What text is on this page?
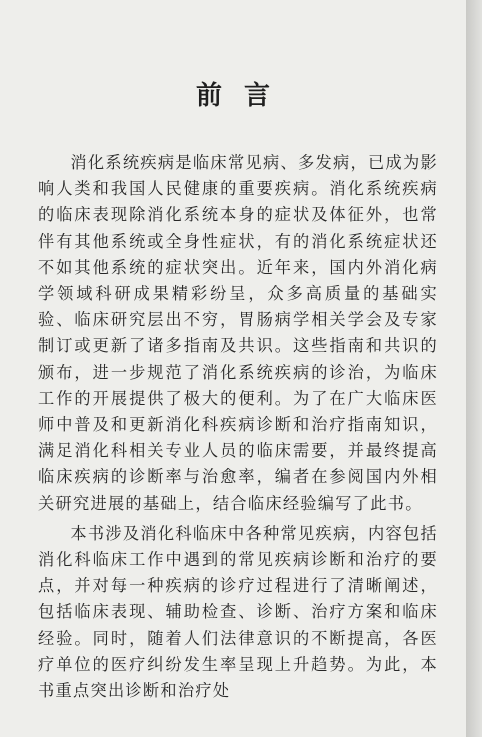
前言

消化系统疾病是临床常见病、多发病，已成为影响人类和我国人民健康的重要疾病。消化系统疾病的临床表现除消化系统本身的症状及体征外，也常伴有其他系统或全身性症状，有的消化系统症状还不如其他系统的症状突出。近年来，国内外消化病学领域科研成果精彩纷呈，众多高质量的基础实验、临床研究层出不穷，胃肠病学相关学会及专家制订或更新了诸多指南及共识。这些指南和共识的颁布，进一步规范了消化系统疾病的诊治，为临床工作的开展提供了极大的便利。为了在广大临床医师中普及和更新消化科疾病诊断和治疗指南知识，满足消化科相关专业人员的临床需要，并最终提高临床疾病的诊断率与治愈率，编者在参阅国内外相关研究进展的基础上，结合临床经验编写了此书。

本书涉及消化科临床中各种常见疾病，内容包括消化科临床工作中遇到的常见疾病诊断和治疗的要点，并对每一种疾病的诊疗过程进行了清晰阐述，包括临床表现、辅助检查、诊断、治疗方案和临床经验。同时，随着人们法律意识的不断提高，各医疗单位的医疗纠纷发生率呈现上升趋势。为此，本书重点突出诊断和治疗处
